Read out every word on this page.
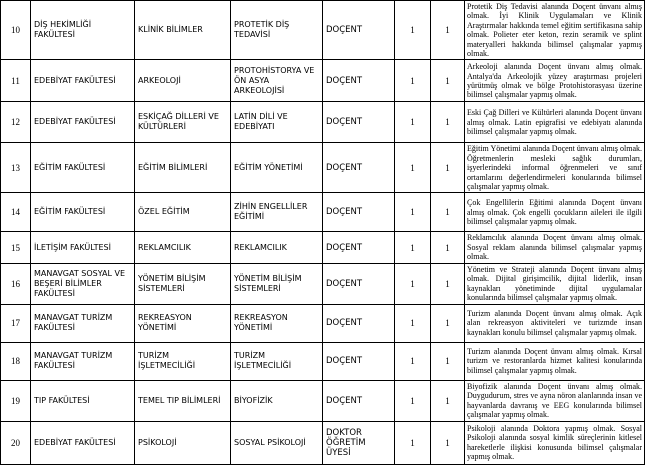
10	DİŞ HEKİMLİĞİ FAKÜLTESİ	KLİNİK BİLİMLER	PROTETİK DİŞ TEDAVİSİ	DOÇENT	1	1	Protetik Diş Tedavisi alanında Doçent ünvanı almış olmak. İyi Klinik Uygulamaları ve Klinik Araştırmalar hakkında temel eğitim sertifikasına sahip olmak. Polieter eter keton, rezin seramik ve splint materyalleri hakkında bilimsel çalışmalar yapmış olmak.
11	EDEBİYAT FAKÜLTESİ	ARKEOLOJİ	PROTOHİSTORYA VE ÖN ASYA ARKEOLOJİSİ	DOÇENT	1	1	Arkeoloji alanında Doçent ünvanı almış olmak. Antalya'da Arkeolojik yüzey araştırması projeleri yürütmüş olmak ve bölge Protohistorasyası üzerine bilimsel çalışmalar yapmış olmak.
12	EDEBİYAT FAKÜLTESİ	ESKİÇAĞ DİLLERİ VE KÜLTÜRLERİ	LATİN DİLİ VE EDEBİYATI	DOÇENT	1	1	Eski Çağ Dilleri ve Kültürleri alanında Doçent ünvanı almış olmak. Latin epigrafisi ve edebiyatı alanında bilimsel çalışmalar yapmış olmak.
13	EĞİTİM FAKÜLTESİ	EĞİTİM BİLİMLERİ	EĞİTİM YÖNETİMİ	DOÇENT	1	1	Eğitim Yönetimi alanında Doçent ünvanı almış olmak. Öğretmenlerin mesleki sağlık durumları, işyerlerindeki informal öğrenmeleri ve sınıf ortamlarını değerlendirmeleri konularında bilimsel çalışmalar yapmış olmak.
14	EĞİTİM FAKÜLTESİ	ÖZEL EĞİTİM	ZİHİN ENGELLİLER EĞİTİMİ	DOÇENT	1	1	Çok Engellilerin Eğitimi alanında Doçent ünvanı almış olmak. Çok engelli çocukların aileleri ile ilgili bilimsel çalışmalar yapmış olmak.
15	İLETİŞİM FAKÜLTESİ	REKLAMCILIK	REKLAMCILIK	DOÇENT	1	1	Reklamcılık alanında Doçent ünvanı almış olmak. Sosyal reklam alanında bilimsel çalışmalar yapmış olmak.
16	MANAVGAT SOSYAL VE BEŞERİ BİLİMLER FAKÜLTESİ	YÖNETİM BİLİŞİM SİSTEMLERİ	YÖNETİM BİLİŞİM SİSTEMLERİ	DOÇENT	1	1	Yönetim ve Strateji alanında Doçent ünvanı almış olmak. Dijital girişimcilik, dijital liderlik, insan kaynakları yönetiminde dijital uygulamalar konularında bilimsel çalışmalar yapmış olmak.
17	MANAVGAT TURİZM FAKÜLTESİ	REKREASYON YÖNETİMİ	REKREASYON YÖNETİMİ	DOÇENT	1	1	Turizm alanında Doçent ünvanı almış olmak. Açık alan rekreasyon aktiviteleri ve turizmde insan kaynakları konulu bilimsel çalışmalar yapmış olmak.
18	MANAVGAT TURİZM FAKÜLTESİ	TURİZM İŞLETMECİLİĞİ	TURİZM İŞLETMECİLİĞİ	DOÇENT	1	1	Turizm alanında Doçent ünvanı almış olmak. Kırsal turizm ve restoranlarda hizmet kalitesi konularında bilimsel çalışmalar yapmış olmak.
19	TIP FAKÜLTESİ	TEMEL TIP BİLİMLERİ	BİYOFİZİK	DOÇENT	1	1	Biyofizik alanında Doçent ünvanı almış olmak. Duygudurum, stres ve ayna nöron alanlarında insan ve hayvanlarda davranış ve EEG konularında bilimsel çalışmalar yapmış olmak.
20	EDEBİYAT FAKÜLTESİ	PSİKOLOJİ	SOSYAL PSİKOLOJİ	DOKTOR ÖĞRETİM ÜYESİ	1	1	Psikoloji alanında Doktora yapmış olmak. Sosyal Psikoloji alanında sosyal kimlik süreçlerinin kitlesel hareketlerle ilişkisi konusunda bilimsel çalışmalar yapmış olmak.
